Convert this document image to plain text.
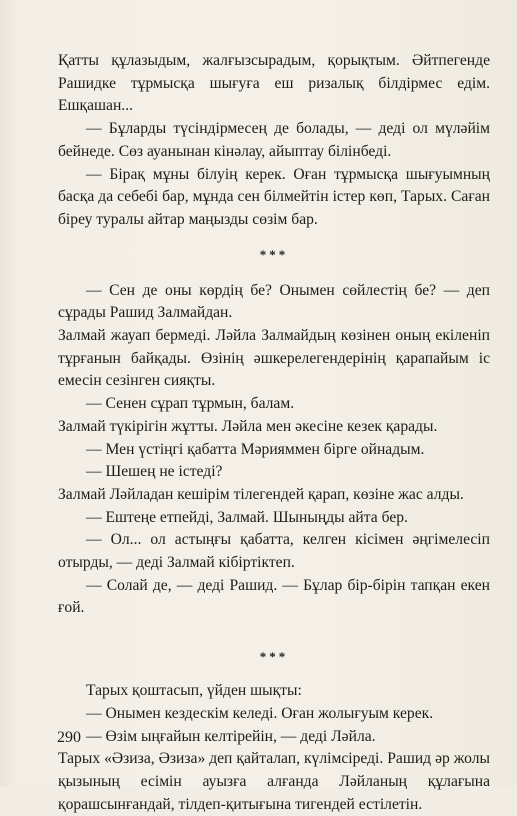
Қатты құлазыдым, жалғызсырадым, қорықтым. Әйтпегенде Рашидке тұрмысқа шығуға еш ризалық білдірмес едім. Ешқашан...

— Бұларды түсіндірмесең де болады, — деді ол мүләйім бейнеде. Сөз ауанынан кінәлау, айыптау білінбеді.

— Бірақ мұны білуің керек. Оған тұрмысқа шығуымның басқа да себебі бар, мұнда сен білмейтін істер көп, Тарых. Саған біреу туралы айтар маңызды сөзім бар.

***

— Сен де оны көрдің бе? Онымен сөйлестің бе? — деп сұрады Рашид Залмайдан.

Залмай жауап бермеді. Ләйла Залмайдың көзінен оның екіленіп тұрғанын байқады. Өзінің әшкерелегендерінің қарапайым іс емесін сезінген сияқты.

— Сенен сұрап тұрмын, балам.

Залмай түкірігін жұтты. Ләйла мен әкесіне кезек қарады.

— Мен үстіңгі қабатта Мәрияммен бірге ойнадым.

— Шешең не істеді?

Залмай Ләйладан кешірім тілегендей қарап, көзіне жас алды.

— Ештеңе етпейді, Залмай. Шыныңды айта бер.

— Ол... ол астыңғы қабатта, келген кісімен әңгімелесіп отырды, — деді Залмай кібіртіктеп.

— Солай де, — деді Рашид. — Бұлар бір-бірін тапқан екен ғой.

***

Тарых қоштасып, үйден шықты:

— Онымен кездескім келеді. Оған жолығуым керек.

— Өзім ыңғайын келтірейін, — деді Ләйла.

Тарых «Әзиза, Әзиза» деп қайталап, күлімсіреді. Рашид әр жолы қызының есімін ауызға алғанда Ләйланың құлағына қорашсынғандай, тілдеп-қитығына тигендей естілетін.

290
